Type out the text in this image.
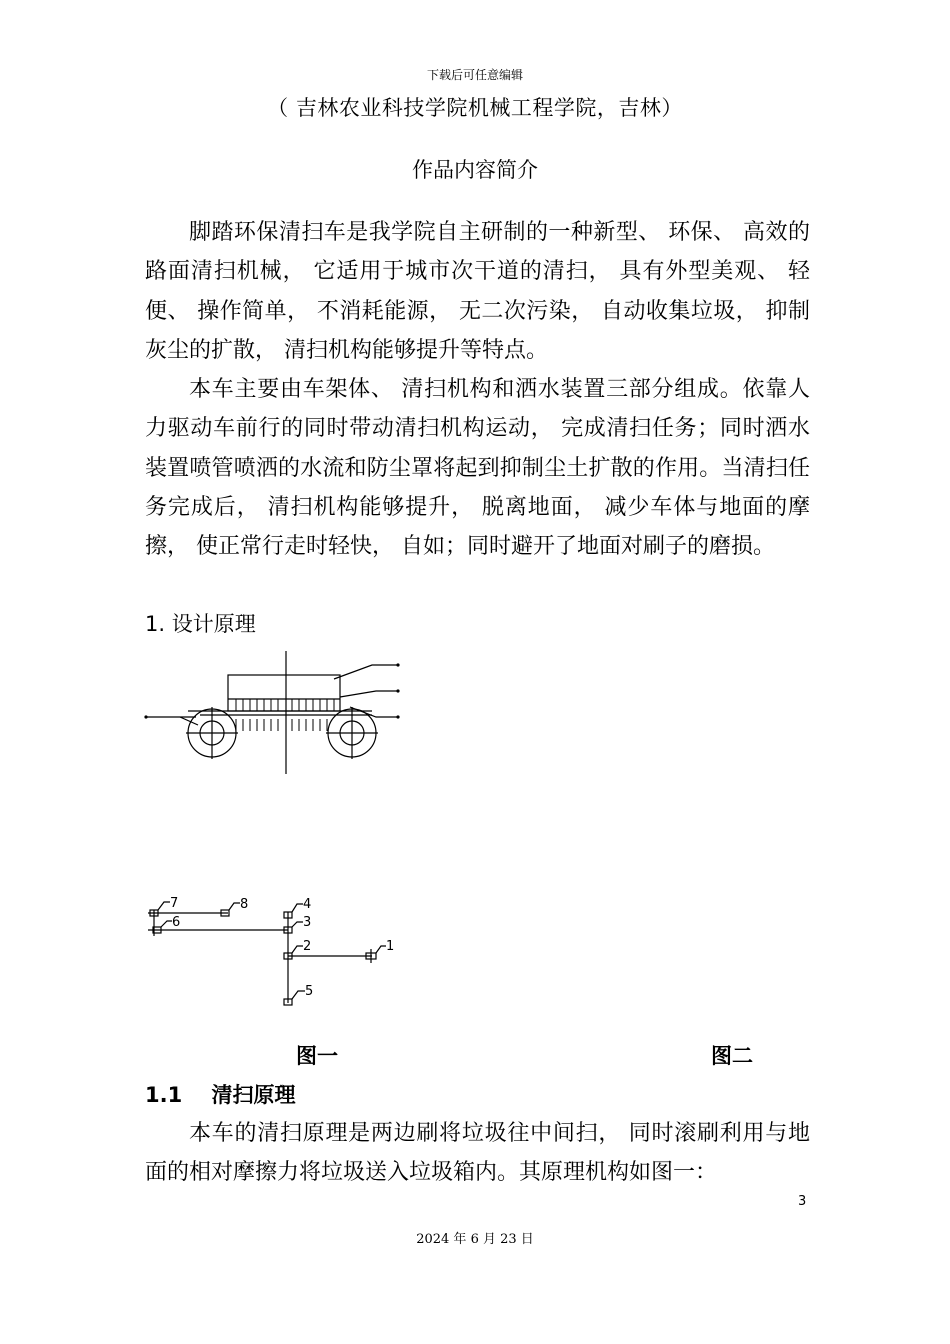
下载后可任意编辑
（ 吉林农业科技学院机械工程学院，吉林）
作品内容简介

脚踏环保清扫车是我学院自主研制的一种新型、 环保、 高效的路面清扫机械， 它适用于城市次干道的清扫， 具有外型美观、 轻便、 操作简单， 不消耗能源， 无二次污染， 自动收集垃圾， 抑制灰尘的扩散， 清扫机构能够提升等特点。

本车主要由车架体、 清扫机构和洒水装置三部分组成。依靠人力驱动车前行的同时带动清扫机构运动， 完成清扫任务；同时洒水装置喷管喷洒的水流和防尘罩将起到抑制尘土扩散的作用。当清扫任务完成后， 清扫机构能够提升， 脱离地面， 减少车体与地面的摩擦， 使正常行走时轻快， 自如；同时避开了地面对刷子的磨损。

1. 设计原理
7
6
8	4
3
2
5
1
图一	图二
1.1    清扫原理

本车的清扫原理是两边刷将垃圾往中间扫， 同时滚刷利用与地面的相对摩擦力将垃圾送入垃圾箱内。其原理机构如图一：

3
2024 年 6 月 23 日
